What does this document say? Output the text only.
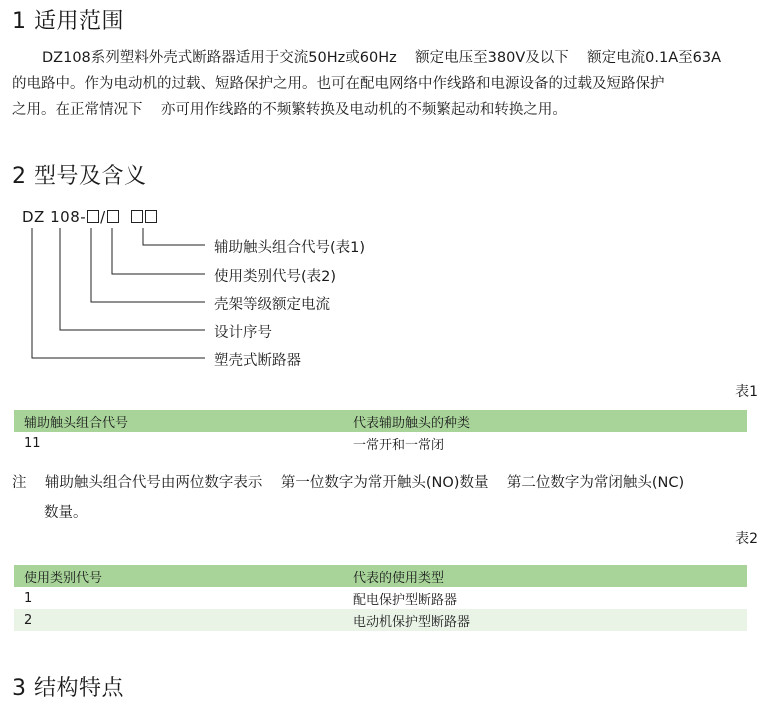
1 适用范围

DZ108系列塑料外壳式断路器适用于交流50Hz或60Hz    额定电压至380V及以下    额定电流0.1A至63A
的电路中。作为电动机的过载、短路保护之用。也可在配电网络中作线路和电源设备的过载及短路保护
之用。在正常情况下    亦可用作线路的不频繁转换及电动机的不频繁起动和转换之用。

2 型号及含义
DZ 108- /
辅助触头组合代号(表1)
使用类别代号(表2)
壳架等级额定电流
设计序号
塑壳式断路器
表1
辅助触头组合代号	代表辅助触头的种类
11	一常开和一常闭
注    辅助触头组合代号由两位数字表示    第一位数字为常开触头(NO)数量    第二位数字为常闭触头(NC)
数量。
表2
使用类别代号	代表的使用类型
1	配电保护型断路器
2	电动机保护型断路器
3 结构特点
